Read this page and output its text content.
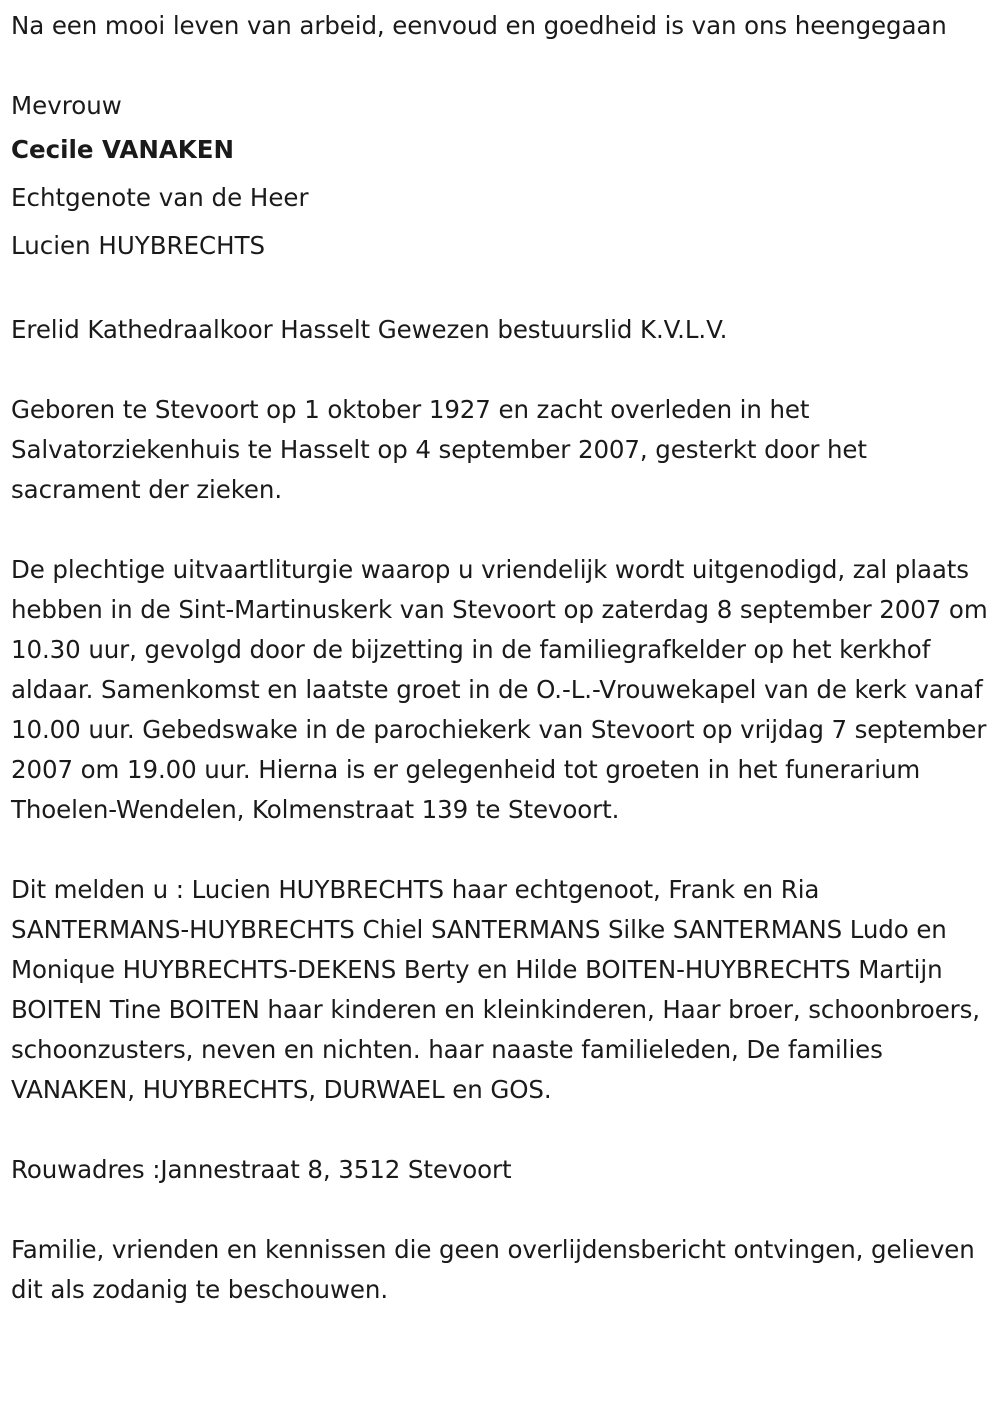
Na een mooi leven van arbeid, eenvoud en goedheid is van ons heengegaan

Mevrouw

Cecile VANAKEN

Echtgenote van de Heer

Lucien HUYBRECHTS

Erelid Kathedraalkoor Hasselt Gewezen bestuurslid K.V.L.V.

Geboren te Stevoort op 1 oktober 1927 en zacht overleden in het Salvatorziekenhuis te Hasselt op 4 september 2007, gesterkt door het sacrament der zieken.

De plechtige uitvaartliturgie waarop u vriendelijk wordt uitgenodigd, zal plaats hebben in de Sint-Martinuskerk van Stevoort op zaterdag 8 september 2007 om 10.30 uur, gevolgd door de bijzetting in de familiegrafkelder op het kerkhof aldaar. Samenkomst en laatste groet in de O.-L.-Vrouwekapel van de kerk vanaf 10.00 uur. Gebedswake in de parochiekerk van Stevoort op vrijdag 7 september 2007 om 19.00 uur. Hierna is er gelegenheid tot groeten in het funerarium Thoelen-Wendelen, Kolmenstraat 139 te Stevoort.

Dit melden u : Lucien HUYBRECHTS haar echtgenoot, Frank en Ria SANTERMANS-HUYBRECHTS Chiel SANTERMANS Silke SANTERMANS Ludo en Monique HUYBRECHTS-DEKENS Berty en Hilde BOITEN-HUYBRECHTS Martijn BOITEN Tine BOITEN haar kinderen en kleinkinderen, Haar broer, schoonbroers, schoonzusters, neven en nichten. haar naaste familieleden, De families VANAKEN, HUYBRECHTS, DURWAEL en GOS.

Rouwadres :Jannestraat 8, 3512 Stevoort

Familie, vrienden en kennissen die geen overlijdensbericht ontvingen, gelieven dit als zodanig te beschouwen.
